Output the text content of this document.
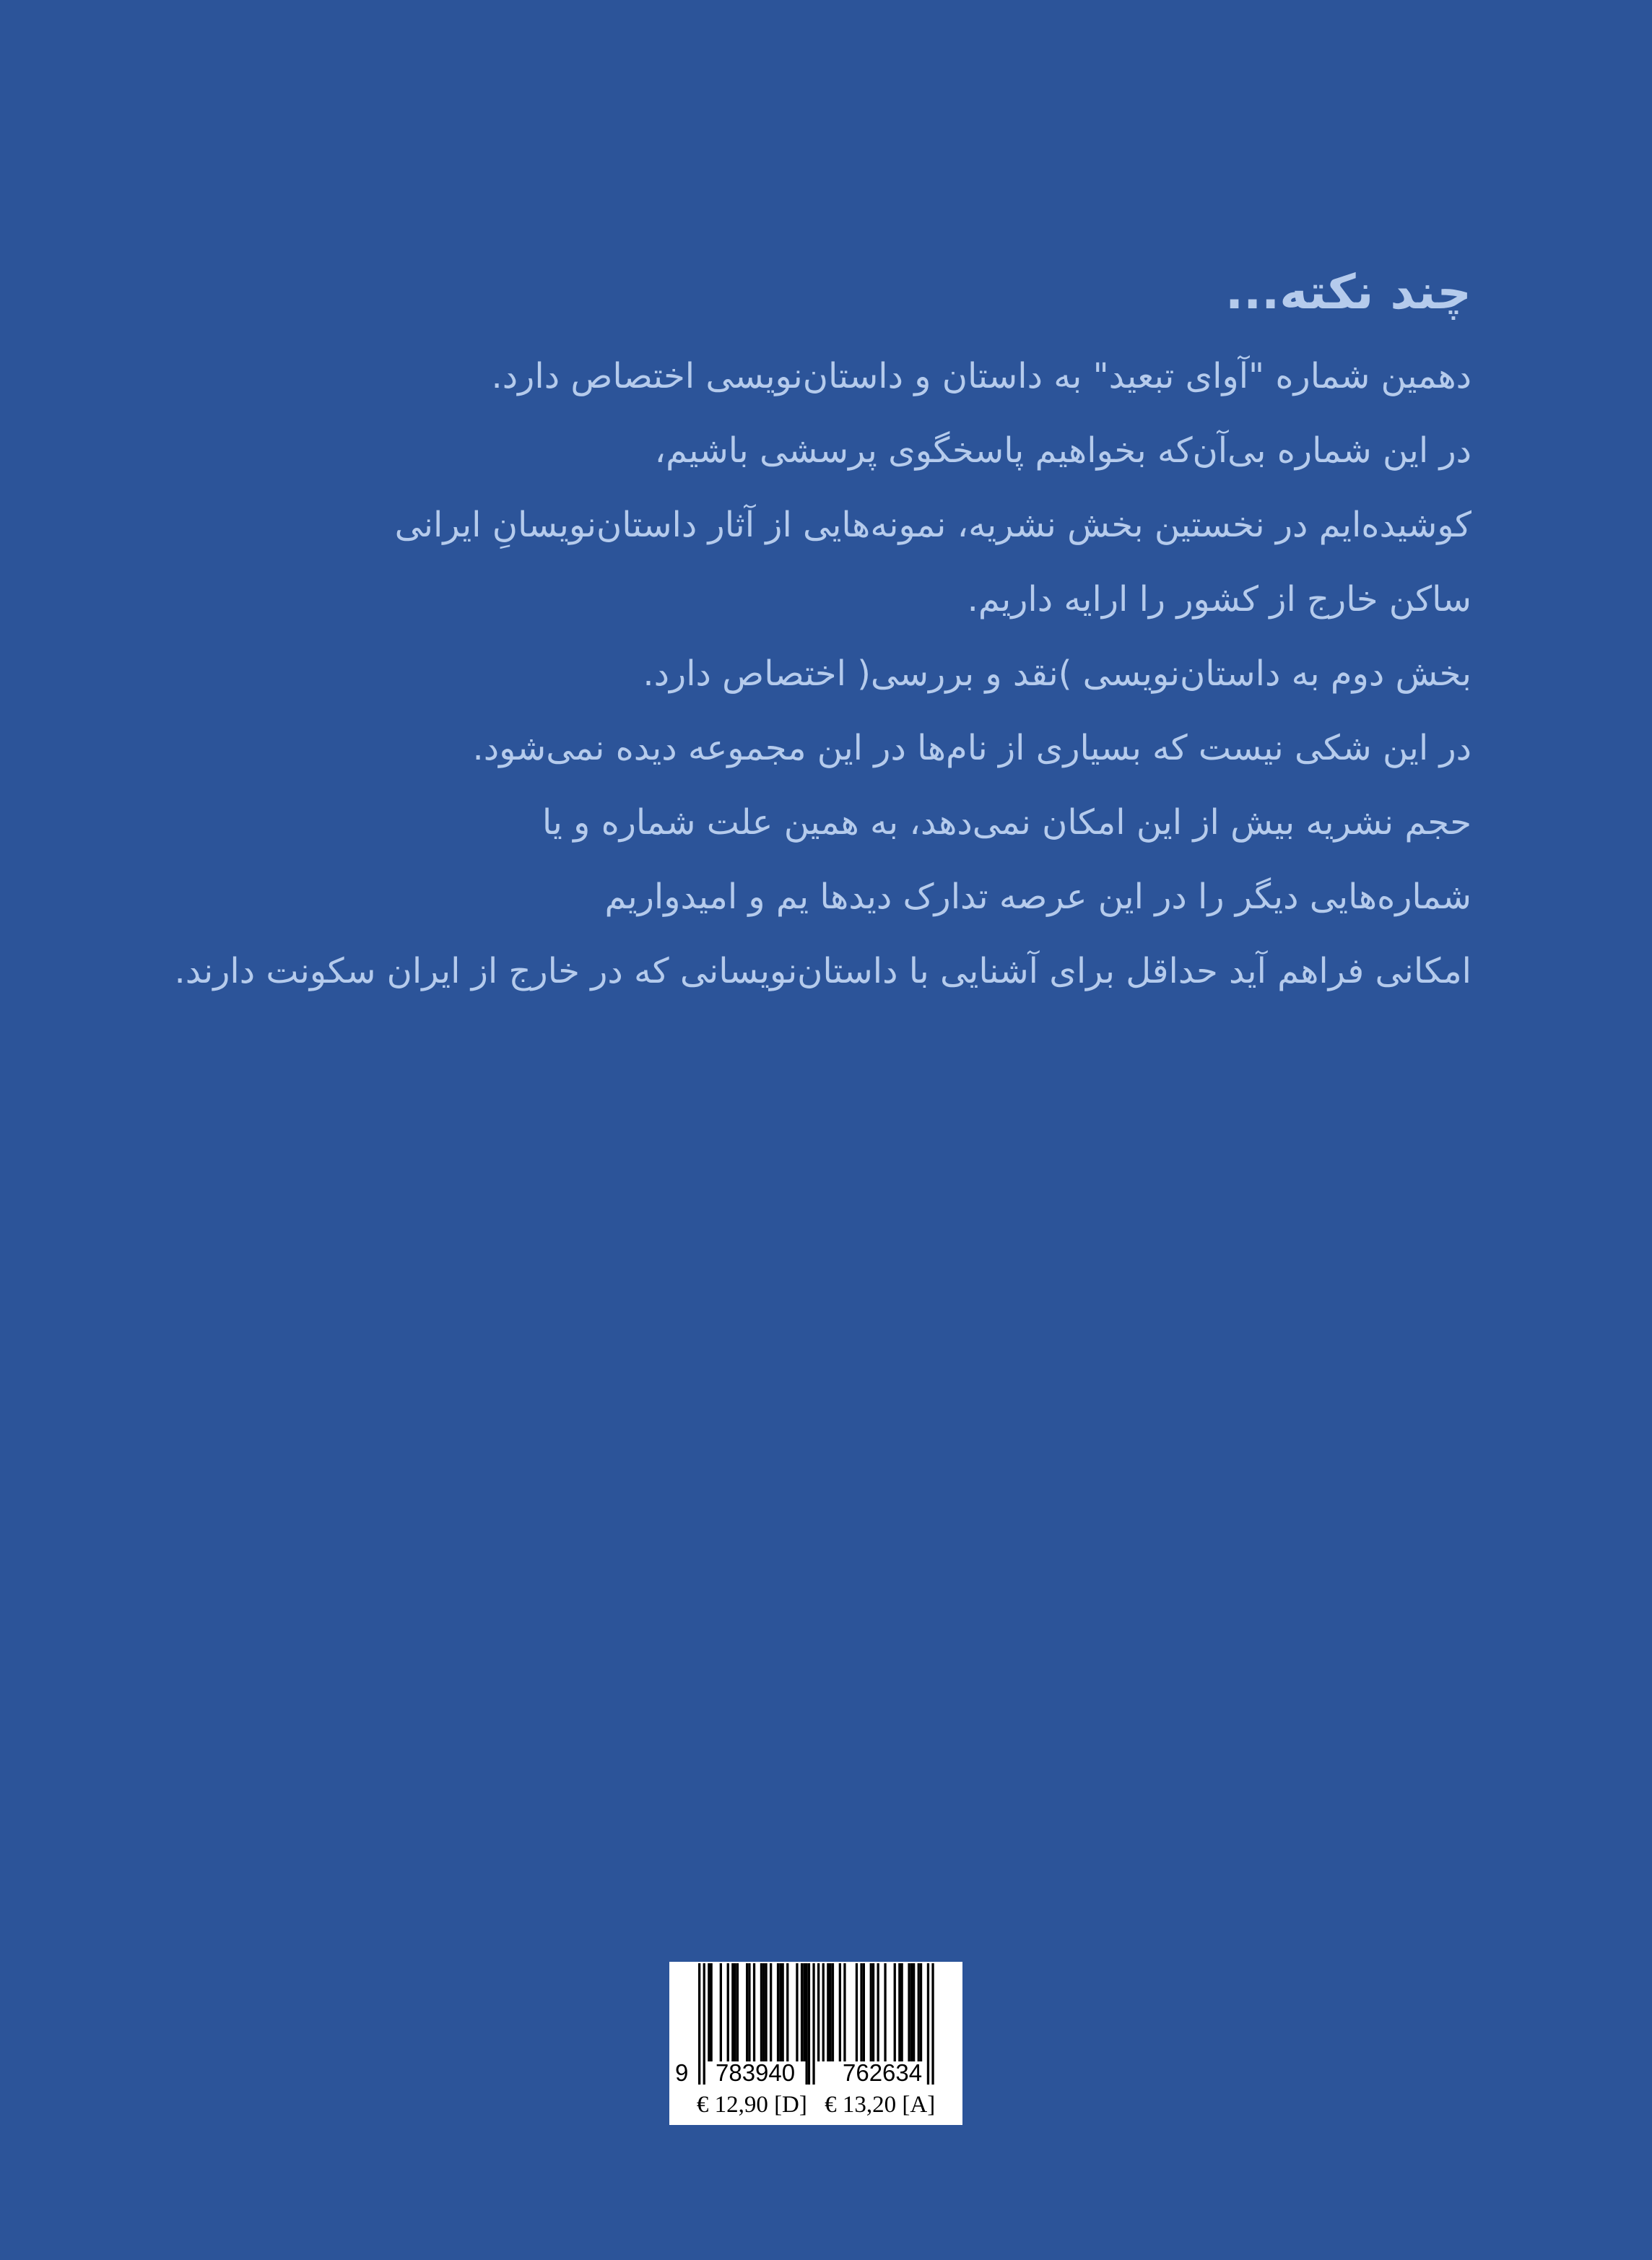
چند نکته...
دهمین شماره "آوای تبعید" به داستان و داستان‌نویسی اختصاص دارد.
در این شماره بی‌آن‌که بخواهیم پاسخگوی پرسشی باشیم،
کوشیده‌ایم در نخستین بخش نشریه، نمونه‌هایی از آثار داستان‌نویسانِ ایرانی
ساکن خارج از کشور را ارایه داریم.
بخش دوم به داستان‌نویسی )نقد و بررسی( اختصاص دارد.
در این شکی نیست که بسیاری از نام‌ها در این مجموعه دیده نمی‌شود.
حجم نشریه بیش از این امکان نمی‌دهد، به همین علت شماره و یا
شماره‌هایی دیگر را در این عرصه تدارک دیدها یم و امیدواریم
امکانی فراهم آید حداقل برای آشنایی با داستان‌نویسانی که در خارج از ایران سکونت دارند.
9 783940 762634
€ 12,90 [D] € 13,20 [A]
